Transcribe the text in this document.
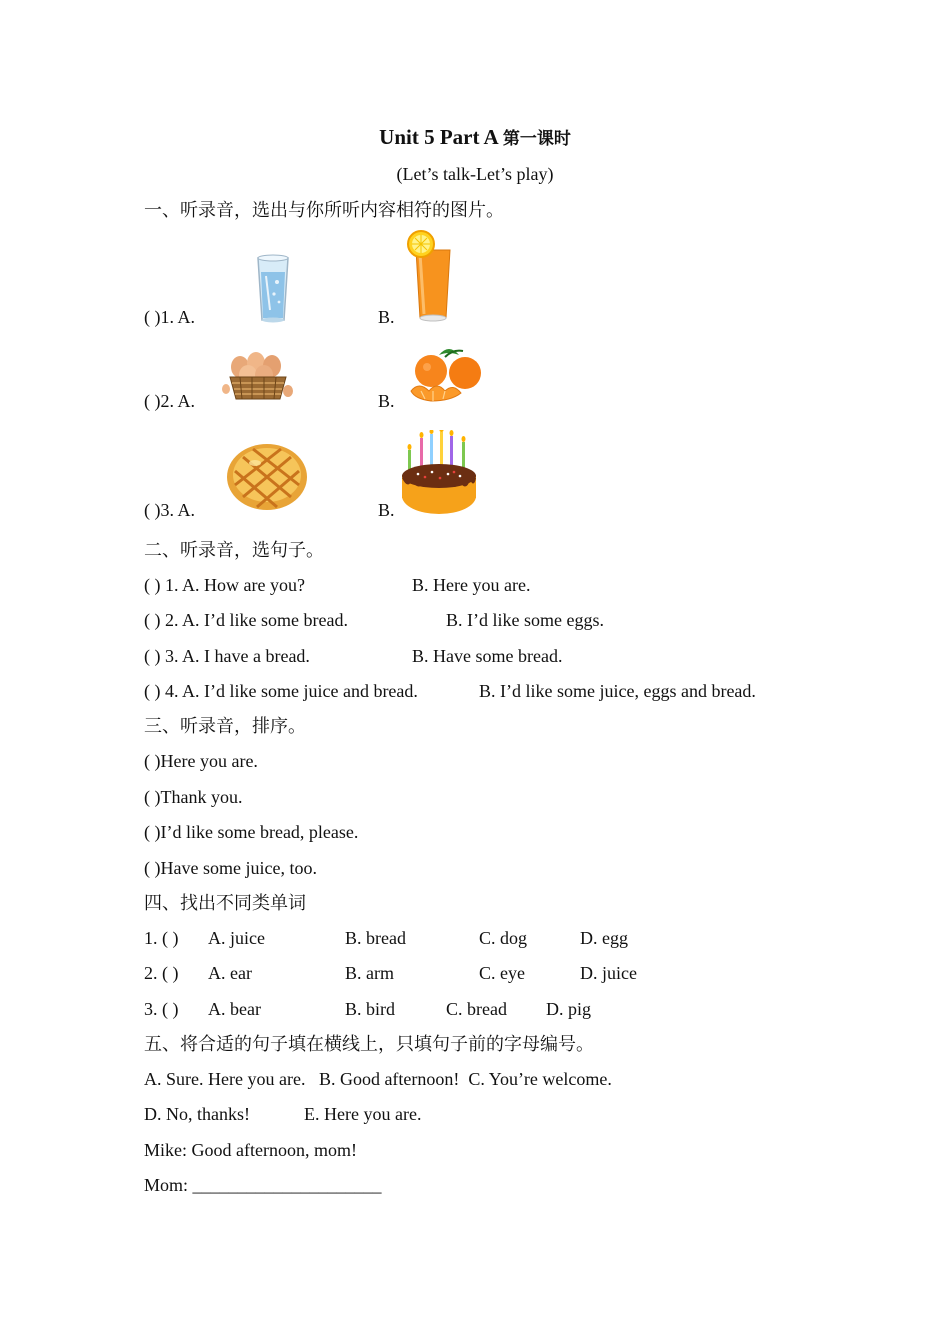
Unit 5 Part A 第一课时
(Let’s talk-Let’s play)
一、听录音，选出与你所听内容相符的图片。
( )1. A.	B.
( )2. A.	B.
( )3. A.	B.
二、听录音，选句子。
( ) 1. A. How are you?	B. Here you are.
( ) 2. A. I’d like some bread.	B. I’d like some eggs.
( ) 3. A. I have a bread.	B. Have some bread.
( ) 4. A. I’d like some juice and bread.	B. I’d like some juice, eggs and bread.
三、听录音，排序。
( )Here you are.
( )Thank you.
( )I’d like some bread, please.
( )Have some juice, too.
四、找出不同类单词
1. ( ) A. juice	B. bread	C. dog	D. egg
2. ( ) A. ear	B. arm	C. eye	D. juice
3. ( ) A. bear	B. bird	C. bread D. pig
五、将合适的句子填在横线上，只填句子前的字母编号。
A. Sure. Here you are.   B. Good afternoon!  C. You’re welcome.
D. No, thanks!	E. Here you are.
Mike: Good afternoon, mom!
Mom: _____________________
